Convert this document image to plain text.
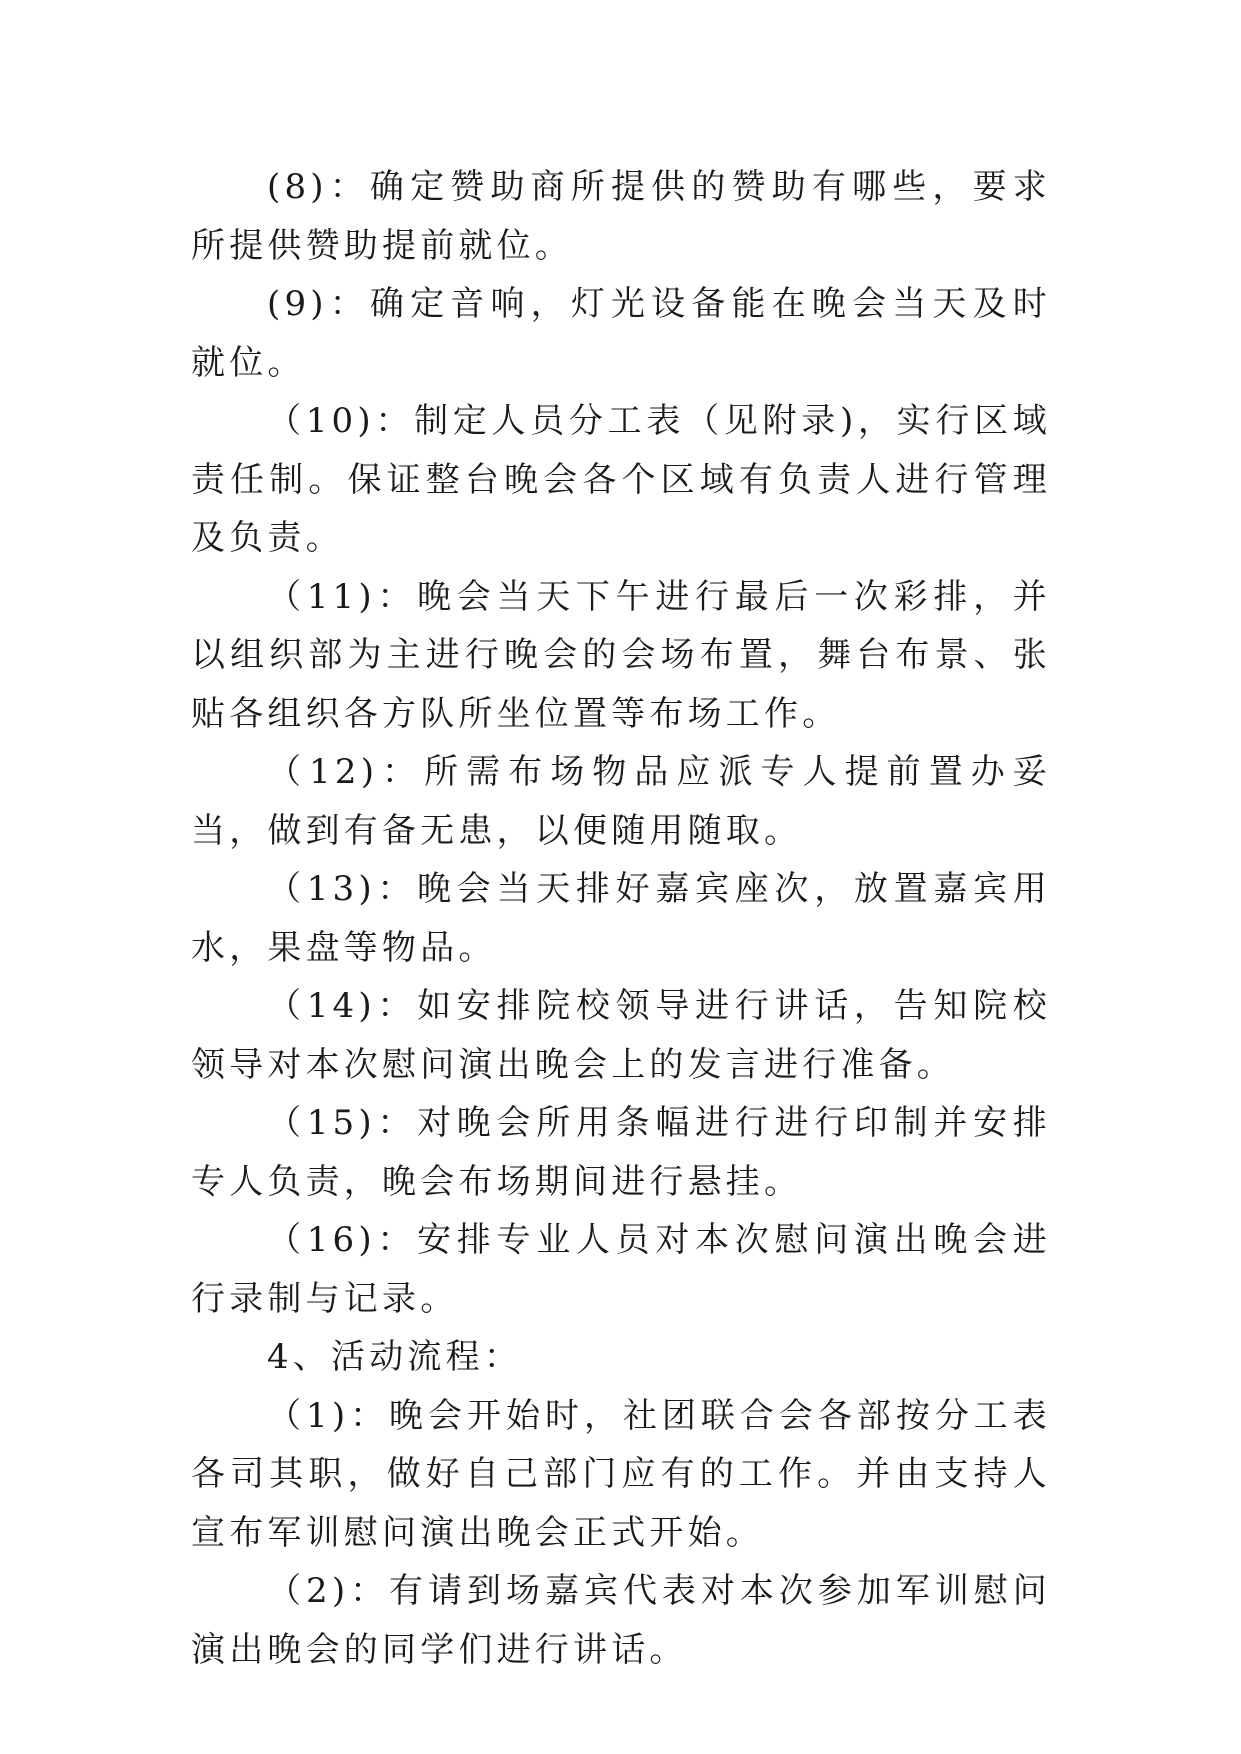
(8)：确定赞助商所提供的赞助有哪些，要求所提供赞助提前就位。

(9)：确定音响，灯光设备能在晚会当天及时就位。

（10)：制定人员分工表（见附录)，实行区域责任制。保证整台晚会各个区域有负责人进行管理及负责。

（11)：晚会当天下午进行最后一次彩排，并以组织部为主进行晚会的会场布置，舞台布景、张贴各组织各方队所坐位置等布场工作。

（12)：所需布场物品应派专人提前置办妥当，做到有备无患，以便随用随取。

（13)：晚会当天排好嘉宾座次，放置嘉宾用水，果盘等物品。

（14)：如安排院校领导进行讲话，告知院校领导对本次慰问演出晚会上的发言进行准备。

（15)：对晚会所用条幅进行进行印制并安排专人负责，晚会布场期间进行悬挂。

（16)：安排专业人员对本次慰问演出晚会进行录制与记录。

4、活动流程：

（1)：晚会开始时，社团联合会各部按分工表各司其职，做好自己部门应有的工作。并由支持人宣布军训慰问演出晚会正式开始。

（2)：有请到场嘉宾代表对本次参加军训慰问演出晚会的同学们进行讲话。
